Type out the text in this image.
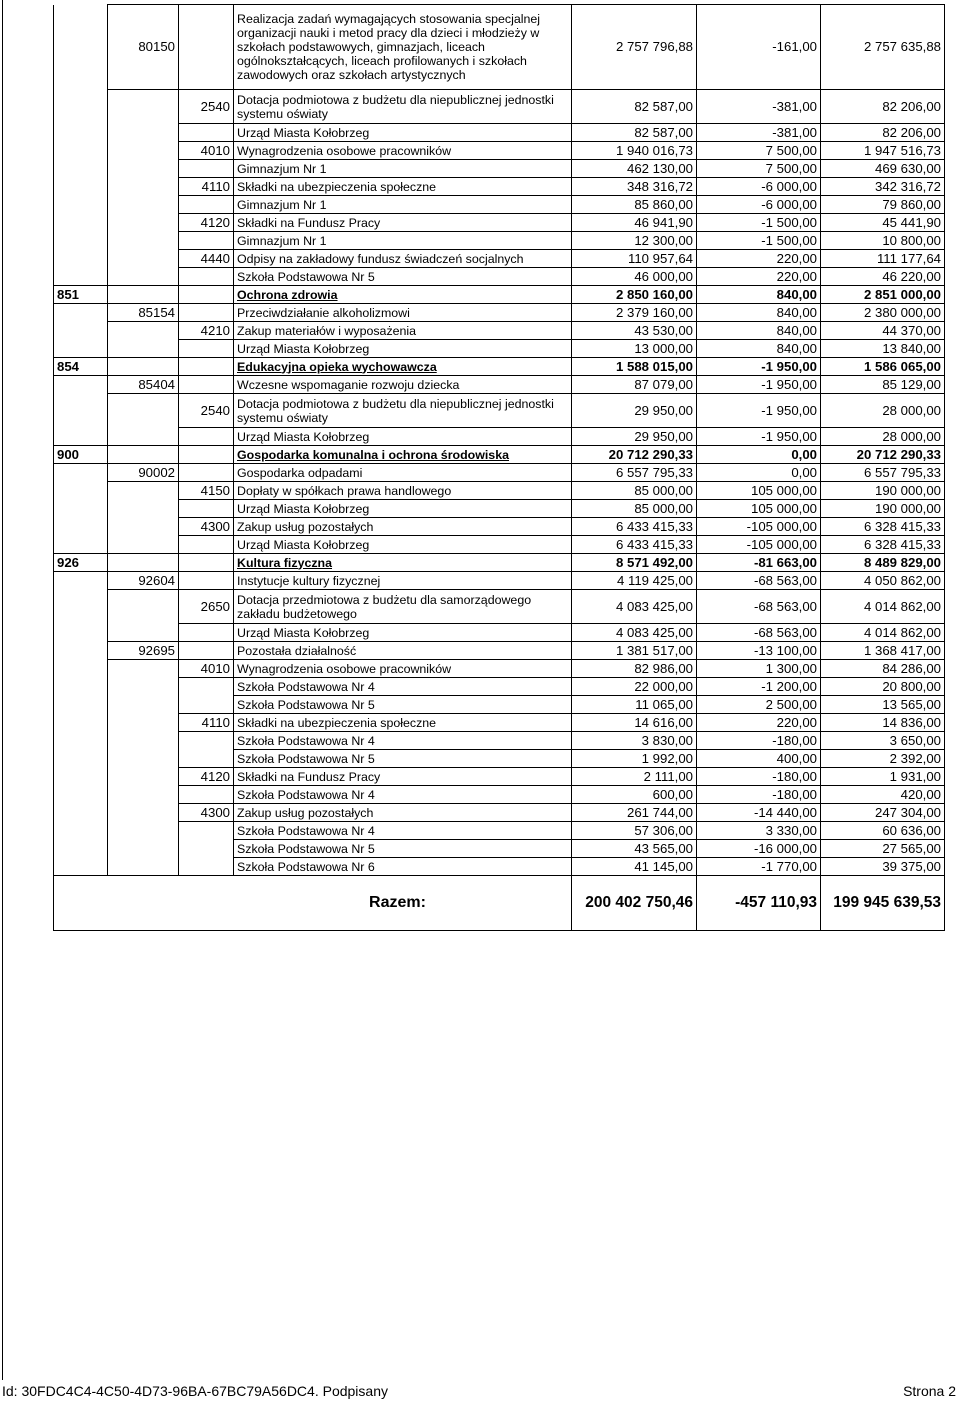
	80150		Realizacja zadań wymagających stosowania specjalnej organizacji nauki i metod pracy dla dzieci i młodzieży w szkołach podstawowych, gimnazjach, liceach ogólnokształcących, liceach profilowanych i szkołach zawodowych oraz szkołach artystycznych	2 757 796,88	-161,00	2 757 635,88
		2540	Dotacja podmiotowa z budżetu dla niepublicznej jednostki systemu oświaty	82 587,00	-381,00	82 206,00
			Urząd Miasta Kołobrzeg	82 587,00	-381,00	82 206,00
		4010	Wynagrodzenia osobowe pracowników	1 940 016,73	7 500,00	1 947 516,73
			Gimnazjum Nr 1	462 130,00	7 500,00	469 630,00
		4110	Składki na ubezpieczenia społeczne	348 316,72	-6 000,00	342 316,72
			Gimnazjum Nr 1	85 860,00	-6 000,00	79 860,00
		4120	Składki na Fundusz Pracy	46 941,90	-1 500,00	45 441,90
			Gimnazjum Nr 1	12 300,00	-1 500,00	10 800,00
		4440	Odpisy na zakładowy fundusz świadczeń socjalnych	110 957,64	220,00	111 177,64
			Szkoła Podstawowa Nr 5	46 000,00	220,00	46 220,00
851			Ochrona zdrowia	2 850 160,00	840,00	2 851 000,00
	85154		Przeciwdziałanie alkoholizmowi	2 379 160,00	840,00	2 380 000,00
		4210	Zakup materiałów i wyposażenia	43 530,00	840,00	44 370,00
			Urząd Miasta Kołobrzeg	13 000,00	840,00	13 840,00
854			Edukacyjna opieka wychowawcza	1 588 015,00	-1 950,00	1 586 065,00
	85404		Wczesne wspomaganie rozwoju dziecka	87 079,00	-1 950,00	85 129,00
		2540	Dotacja podmiotowa z budżetu dla niepublicznej jednostki systemu oświaty	29 950,00	-1 950,00	28 000,00
			Urząd Miasta Kołobrzeg	29 950,00	-1 950,00	28 000,00
900			Gospodarka komunalna i ochrona środowiska	20 712 290,33	0,00	20 712 290,33
	90002		Gospodarka odpadami	6 557 795,33	0,00	6 557 795,33
		4150	Dopłaty w spółkach prawa handlowego	85 000,00	105 000,00	190 000,00
			Urząd Miasta Kołobrzeg	85 000,00	105 000,00	190 000,00
		4300	Zakup usług pozostałych	6 433 415,33	-105 000,00	6 328 415,33
			Urząd Miasta Kołobrzeg	6 433 415,33	-105 000,00	6 328 415,33
926			Kultura fizyczna	8 571 492,00	-81 663,00	8 489 829,00
	92604		Instytucje kultury fizycznej	4 119 425,00	-68 563,00	4 050 862,00
		2650	Dotacja przedmiotowa z budżetu dla samorządowego zakładu budżetowego	4 083 425,00	-68 563,00	4 014 862,00
			Urząd Miasta Kołobrzeg	4 083 425,00	-68 563,00	4 014 862,00
	92695		Pozostała działalność	1 381 517,00	-13 100,00	1 368 417,00
		4010	Wynagrodzenia osobowe pracowników	82 986,00	1 300,00	84 286,00
			Szkoła Podstawowa Nr 4	22 000,00	-1 200,00	20 800,00
			Szkoła Podstawowa Nr 5	11 065,00	2 500,00	13 565,00
		4110	Składki na ubezpieczenia społeczne	14 616,00	220,00	14 836,00
			Szkoła Podstawowa Nr 4	3 830,00	-180,00	3 650,00
			Szkoła Podstawowa Nr 5	1 992,00	400,00	2 392,00
		4120	Składki na Fundusz Pracy	2 111,00	-180,00	1 931,00
			Szkoła Podstawowa Nr 4	600,00	-180,00	420,00
		4300	Zakup usług pozostałych	261 744,00	-14 440,00	247 304,00
			Szkoła Podstawowa Nr 4	57 306,00	3 330,00	60 636,00
			Szkoła Podstawowa Nr 5	43 565,00	-16 000,00	27 565,00
			Szkoła Podstawowa Nr 6	41 145,00	-1 770,00	39 375,00
Razem:				200 402 750,46	-457 110,93	199 945 639,53
Id: 30FDC4C4-4C50-4D73-96BA-67BC79A56DC4. Podpisany	Strona 2
